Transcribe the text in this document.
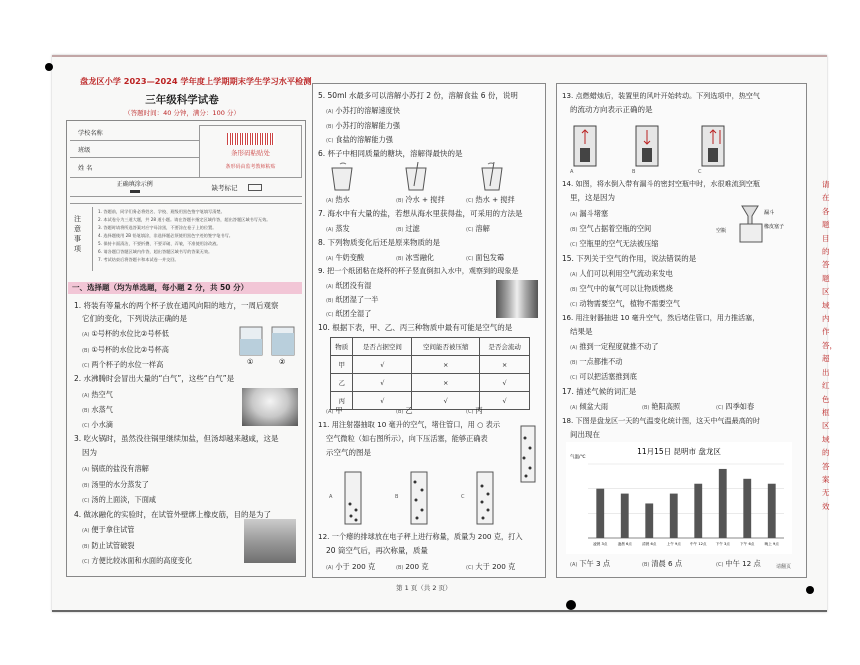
盘龙区小学 2023—2024 学年度上学期期末学生学习水平检测
三年级科学试卷
（答题时间：40 分钟，满分：100 分）
学校名称		条形码粘贴处
条形码由监考教师粘贴

班级		
姓 名		
正确填涂示例		缺考标记
注意事项
1. 答题前，同学们务必将姓名、学校、班级用黑色签字笔填写清楚。
2. 本试卷分为三道大题，共 28 道小题。请在答题卡指定区域作答，超出答题区域书写无效。
3. 答题时请将所选答案对应字母涂黑，不要涂在卷子上的位置。
4. 选择题使用 2B 铅笔填涂，非选择题必须使用黑色字迹的签字笔书写。
5. 保持卡面清洁，不要折叠、不要弄破、弄皱，不准使用涂改液。
6. 请各题目答题区域内作答，超出答题区域书写的答案无效。
7. 考试结束后将答题卡和本试卷一并交回。
一、选择题（均为单选题，每小题 2 分，共 50 分）
1. 将装有等量水的两个杯子放在通风向阳的地方，一周后观察
它们的变化，下列说法正确的是
(A) ①号杯的水位比②号杯低
(B) ①号杯的水位比②号杯高
(C) 两个杯子的水位一样高	①	②
2. 水沸腾时会冒出大量的“白气”，这些“白气”是
(A) 热空气
(B) 水蒸气
(C) 小水滴
3. 吃火锅时，虽然没往锅里继续加盐，但汤却越来越咸，这是
因为
(A) 锅底的盐没有溶解
(B) 汤里的水分蒸发了
(C) 汤的上面淡，下面咸
4. 做冰融化的实验时，在试管外壁绑上橡皮筋，目的是为了
(A) 便于拿住试管
(B) 防止试管破裂
(C) 方便比较冰面和水面的高度变化
5. 50ml 水最多可以溶解小苏打 2 份，溶解食盐 6 份，说明
(A) 小苏打的溶解速度快
(B) 小苏打的溶解能力强
(C) 食盐的溶解能力强
6. 杯子中相同质量的糖块，溶解得最快的是
(A) 热水	(B) 冷水 + 搅拌	(C) 热水 + 搅拌
7. 海水中有大量的盐，若想从海水里获得盐，可采用的方法是
(A) 蒸发	(B) 过滤	(C) 溶解
8. 下列物质变化后还是原来物质的是
(A) 牛奶变酸	(B) 冰雪融化	(C) 面包发霉
9. 把一个纸团粘在烧杯的杯子竖直倒扣入水中，观察到的现象是
(A) 纸团没有湿
(B) 纸团湿了一半
(C) 纸团全湿了
10. 根据下表，甲、乙、丙三种物质中最有可能是空气的是
物质	是否占据空间	空间能否被压缩	是否会流动
甲	√	×	×
乙	√	×	√
丙	√	√	√
(A) 甲	(B) 乙	(C) 丙
11. 用注射器抽取 10 毫升的空气，堵住管口，用 ○ 表示
空气微粒（如右图所示），向下压活塞，能够正确表
示空气的图是
A	B	C
12. 一个瘪的排球放在电子秤上进行称量，质量为 200 克，打入
20 筒空气后，再次称量，质量
(A) 小于 200 克	(B) 200 克	(C) 大于 200 克
13. 点燃蜡烛后，装置里的风叶开始转动。下列选项中，热空气
的流动方向表示正确的是
A	B	C
14. 如图，将水倒入带有漏斗的密封空瓶中时，水很难流到空瓶
里，这是因为
(A) 漏斗堵塞
(B) 空气占据着空瓶的空间
(C) 空瓶里的空气无法被压缩
漏斗
空瓶
橡皮塞子
15. 下列关于空气的作用，说法错误的是
(A) 人们可以利用空气流动来发电
(B) 空气中的氧气可以让物质燃烧
(C) 动物需要空气，植物不需要空气
16. 用注射器抽进 10 毫升空气，然后堵住管口，用力推活塞，
结果是
(A) 推到一定程度就推不动了
(B) 一点都推不动
(C) 可以把活塞推到底
17. 描述气候的词汇是
(A) 倾盆大雨	(B) 艳阳高照	(C) 四季如春
18. 下图是盘龙区一天的气温变化统计图，这天中气温最高的时
间出现在
11月15日 昆明市 盘龙区
气温/℃
凌晨 3点	凌晨 6点	清晨 6点	上午 9点	中午 12点	下午 3点	下午 6点	晚上 9点
(A) 下午 3 点	(B) 清晨 6 点	(C) 中午 12 点	请翻页
请在各题目的答题区域内作答，超出红色框区域的答案无效
第 1 页（共 2 页）
